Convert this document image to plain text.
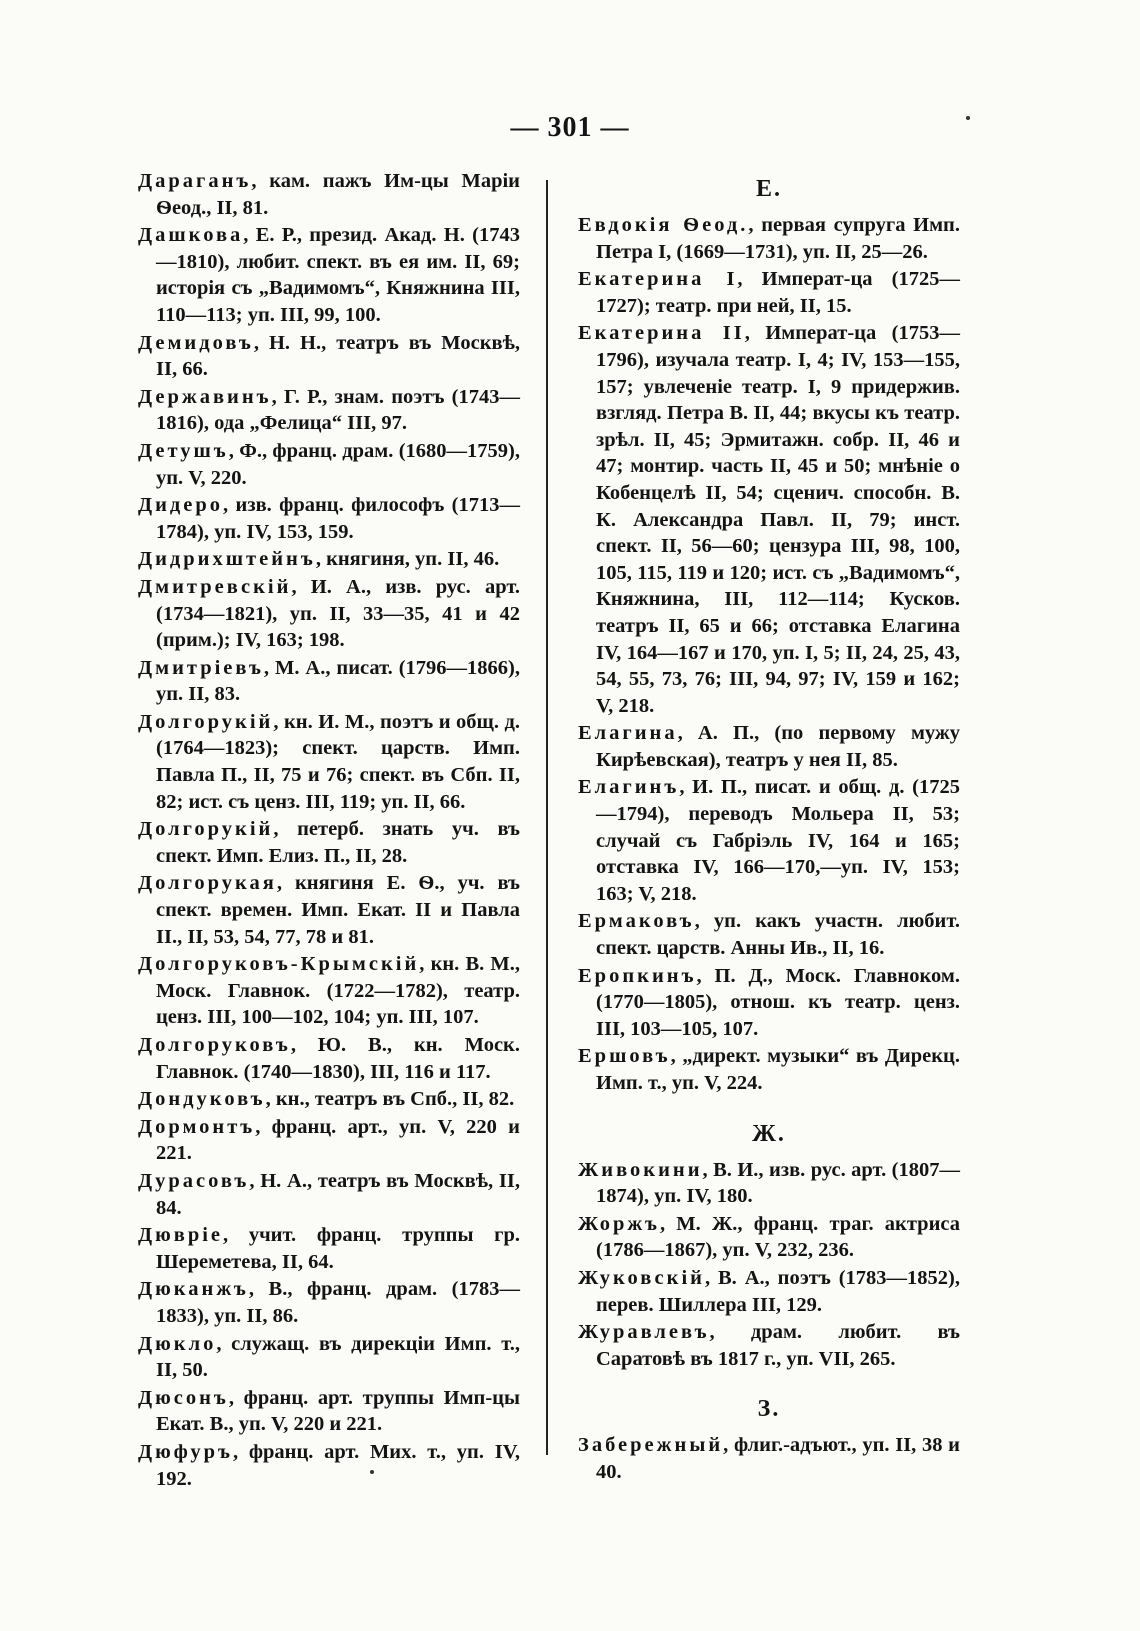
— 301 —

Дараганъ, кам. пажъ Им-цы Маріи Ѳеод., II, 81.

Дашкова, Е. Р., презид. Акад. Н. (1743—1810), любит. спект. въ ея им. II, 69; исторія съ „Вадимомъ“, Княжнина III, 110—113; уп. III, 99, 100.

Демидовъ, Н. Н., театръ въ Москвѣ, II, 66.

Державинъ, Г. Р., знам. поэтъ (1743—1816), ода „Фелица“ III, 97.

Детушъ, Ф., франц. драм. (1680—1759), уп. V, 220.

Дидеро, изв. франц. философъ (1713—1784), уп. IV, 153, 159.

Дидрихштейнъ, княгиня, уп. II, 46.

Дмитревскій, И. А., изв. рус. арт. (1734—1821), уп. II, 33—35, 41 и 42 (прим.); IV, 163; 198.

Дмитріевъ, М. А., писат. (1796—1866), уп. II, 83.

Долгорукій, кн. И. М., поэтъ и общ. д. (1764—1823); спект. царств. Имп. Павла П., II, 75 и 76; спект. въ Сбп. II, 82; ист. съ ценз. III, 119; уп. II, 66.

Долгорукій, петерб. знать уч. въ спект. Имп. Елиз. П., II, 28.

Долгорукая, княгиня Е. Ѳ., уч. въ спект. времен. Имп. Екат. II и Павла II., II, 53, 54, 77, 78 и 81.

Долгоруковъ-Крымскій, кн. В. М., Моск. Главнок. (1722—1782), театр. ценз. III, 100—102, 104; уп. III, 107.

Долгоруковъ, Ю. В., кн. Моск. Главнок. (1740—1830), III, 116 и 117.

Дондуковъ, кн., театръ въ Спб., II, 82.

Дормонтъ, франц. арт., уп. V, 220 и 221.

Дурасовъ, Н. А., театръ въ Москвѣ, II, 84.

Дюврie, учит. франц. труппы гр. Шереметева, II, 64.

Дюканжъ, В., франц. драм. (1783—1833), уп. II, 86.

Дюкло, служащ. въ дирекціи Имп. т., II, 50.

Дюсонъ, франц. арт. труппы Имп-цы Екат. В., уп. V, 220 и 221.

Дюфуръ, франц. арт. Мих. т., уп. IV, 192.

Е.

Евдокія Ѳеод., первая супруга Имп. Петра I, (1669—1731), уп. II, 25—26.

Екатерина I, Императ-ца (1725—1727); театр. при ней, II, 15.

Екатерина II, Императ-ца (1753—1796), изучала театр. I, 4; IV, 153—155, 157; увлеченіе театр. I, 9 придержив. взгляд. Петра В. II, 44; вкусы къ театр. зрѣл. II, 45; Эрмитажн. собр. II, 46 и 47; монтир. часть II, 45 и 50; мнѣніе о Кобенцелѣ II, 54; сценич. способн. В. К. Александра Павл. II, 79; инст. спект. II, 56—60; цензура III, 98, 100, 105, 115, 119 и 120; ист. съ „Вадимомъ“, Княжнина, III, 112—114; Кусков. театръ II, 65 и 66; отставка Елагина IV, 164—167 и 170, уп. I, 5; II, 24, 25, 43, 54, 55, 73, 76; III, 94, 97; IV, 159 и 162; V, 218.

Елагина, А. П., (по первому мужу Кирѣевская), театръ у нея II, 85.

Елагинъ, И. П., писат. и общ. д. (1725—1794), переводъ Мольера II, 53; случай съ Габріэль IV, 164 и 165; отставка IV, 166—170,—уп. IV, 153; 163; V, 218.

Ермаковъ, уп. какъ участн. любит. спект. царств. Анны Ив., II, 16.

Еропкинъ, П. Д., Моск. Главноком. (1770—1805), отнош. къ театр. ценз. III, 103—105, 107.

Ершовъ, „директ. музыки“ въ Дирекц. Имп. т., уп. V, 224.

Ж.

Живокини, В. И., изв. рус. арт. (1807—1874), уп. IV, 180.

Жоржъ, М. Ж., франц. траг. актриса (1786—1867), уп. V, 232, 236.

Жуковскій, В. А., поэтъ (1783—1852), перев. Шиллера III, 129.

Журавлевъ, драм. любит. въ Саратовѣ въ 1817 г., уп. VII, 265.

З.

Забережный, флиг.-адъют., уп. II, 38 и 40.
